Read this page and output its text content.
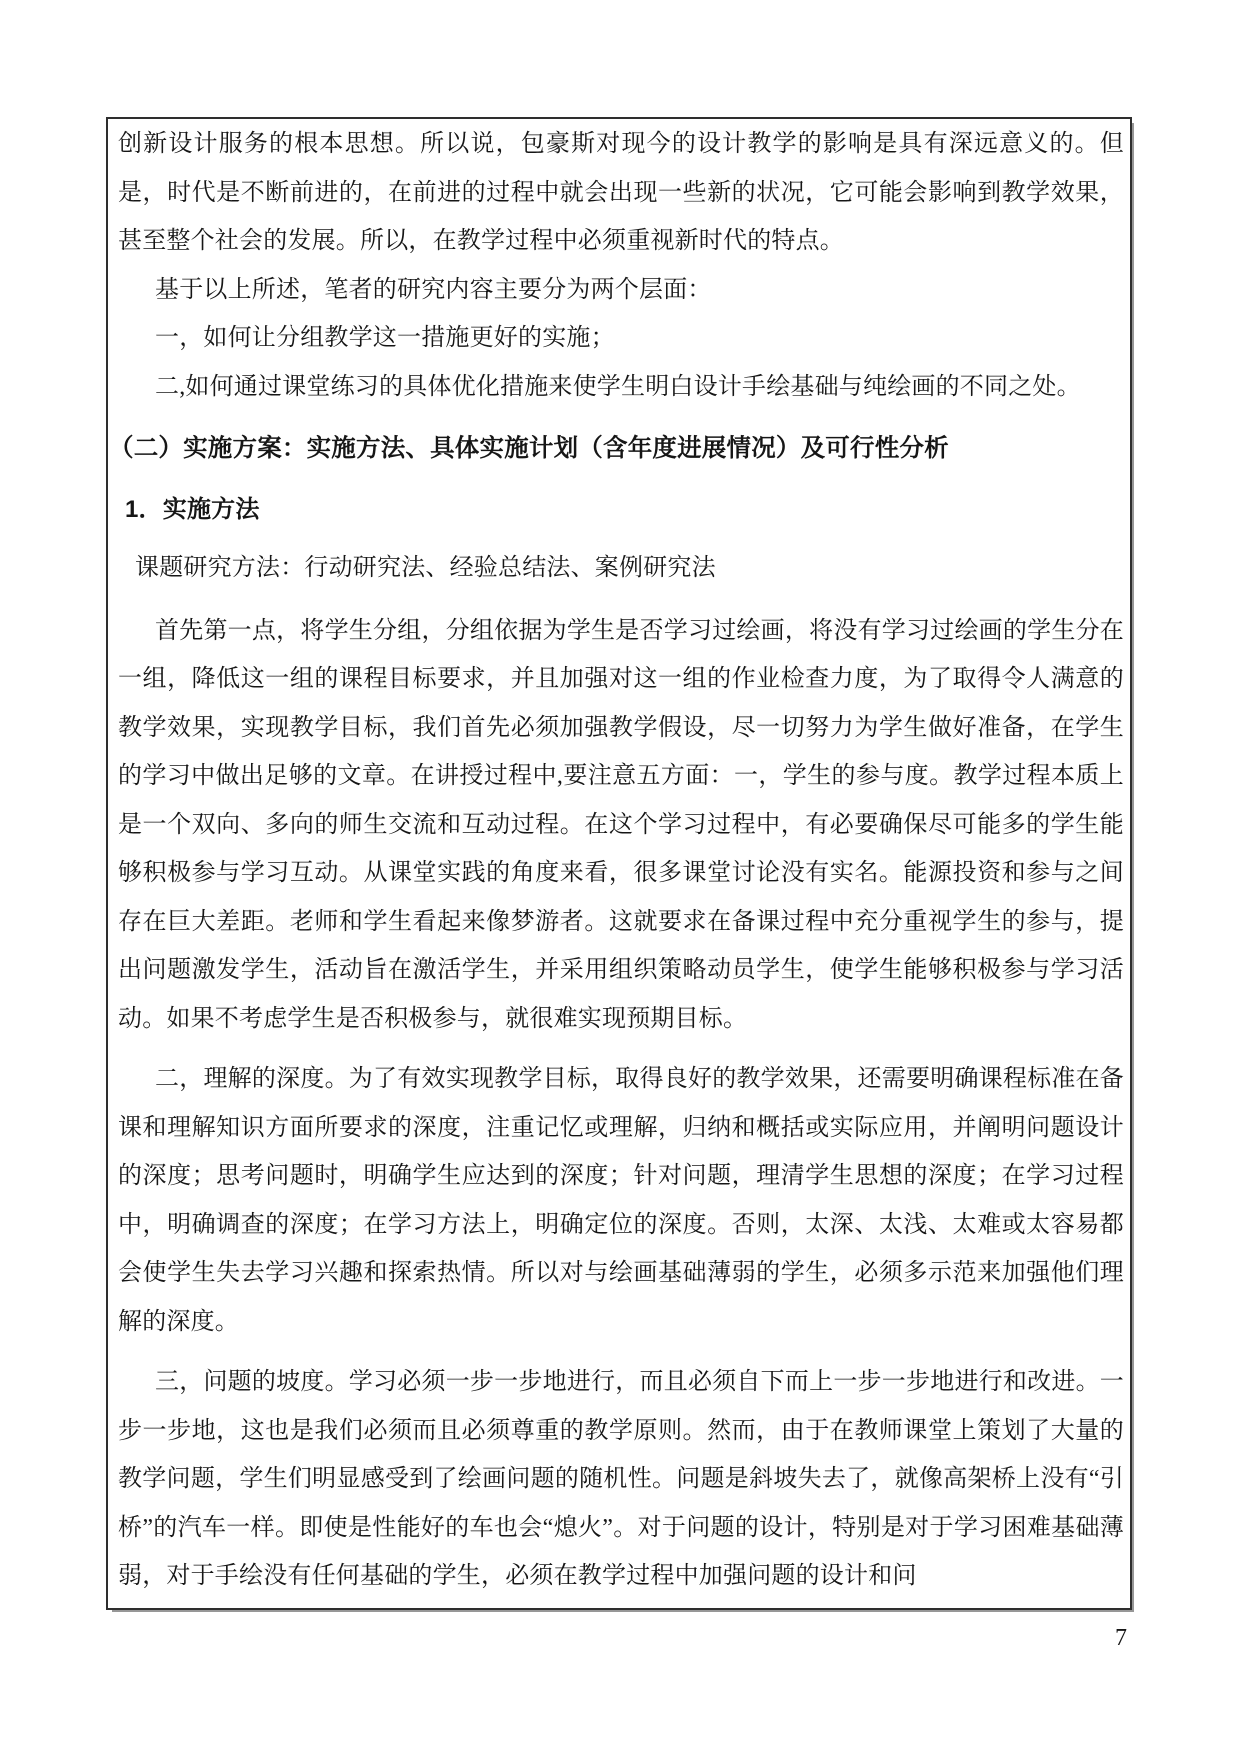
创新设计服务的根本思想。所以说，包豪斯对现今的设计教学的影响是具有深远意义的。但是，时代是不断前进的，在前进的过程中就会出现一些新的状况，它可能会影响到教学效果，甚至整个社会的发展。所以，在教学过程中必须重视新时代的特点。

基于以上所述，笔者的研究内容主要分为两个层面：

一，如何让分组教学这一措施更好的实施；

二,如何通过课堂练习的具体优化措施来使学生明白设计手绘基础与纯绘画的不同之处。

（二）实施方案：实施方法、具体实施计划（含年度进展情况）及可行性分析

1．实施方法

课题研究方法：行动研究法、经验总结法、案例研究法

首先第一点，将学生分组，分组依据为学生是否学习过绘画，将没有学习过绘画的学生分在一组，降低这一组的课程目标要求，并且加强对这一组的作业检查力度，为了取得令人满意的教学效果，实现教学目标，我们首先必须加强教学假设，尽一切努力为学生做好准备，在学生的学习中做出足够的文章。在讲授过程中,要注意五方面：一，学生的参与度。教学过程本质上是一个双向、多向的师生交流和互动过程。在这个学习过程中，有必要确保尽可能多的学生能够积极参与学习互动。从课堂实践的角度来看，很多课堂讨论没有实名。能源投资和参与之间存在巨大差距。老师和学生看起来像梦游者。这就要求在备课过程中充分重视学生的参与，提出问题激发学生，活动旨在激活学生，并采用组织策略动员学生，使学生能够积极参与学习活动。如果不考虑学生是否积极参与，就很难实现预期目标。

二，理解的深度。为了有效实现教学目标，取得良好的教学效果，还需要明确课程标准在备课和理解知识方面所要求的深度，注重记忆或理解，归纳和概括或实际应用，并阐明问题设计的深度；思考问题时，明确学生应达到的深度；针对问题，理清学生思想的深度；在学习过程中，明确调查的深度；在学习方法上，明确定位的深度。否则，太深、太浅、太难或太容易都会使学生失去学习兴趣和探索热情。所以对与绘画基础薄弱的学生，必须多示范来加强他们理解的深度。

三，问题的坡度。学习必须一步一步地进行，而且必须自下而上一步一步地进行和改进。一步一步地，这也是我们必须而且必须尊重的教学原则。然而，由于在教师课堂上策划了大量的教学问题，学生们明显感受到了绘画问题的随机性。问题是斜坡失去了，就像高架桥上没有“引桥”的汽车一样。即使是性能好的车也会“熄火”。对于问题的设计，特别是对于学习困难基础薄弱，对于手绘没有任何基础的学生，必须在教学过程中加强问题的设计和问

7
